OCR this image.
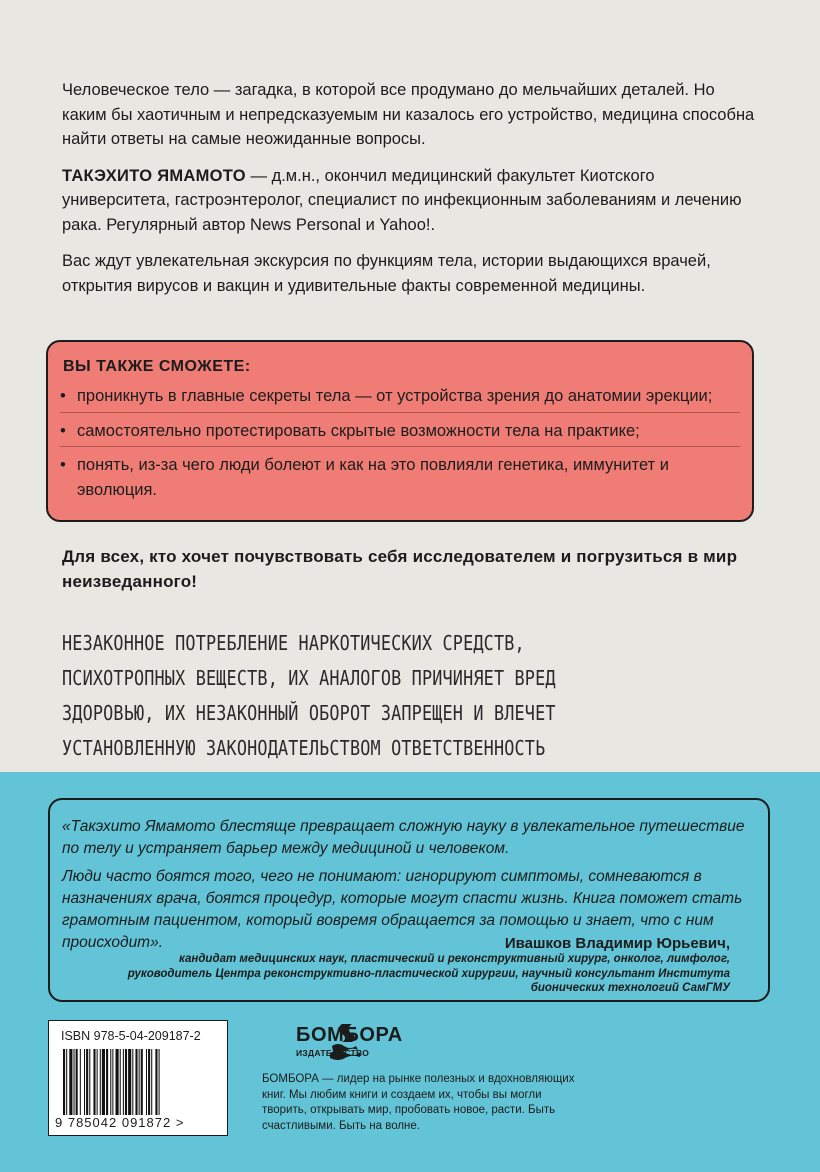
Человеческое тело — загадка, в которой все продумано до мельчайших деталей. Но каким бы хаотичным и непредсказуемым ни казалось его устройство, медицина способна найти ответы на самые неожиданные вопросы.

ТАКЭХИТО ЯМАМОТО — д.м.н., окончил медицинский факультет Киотского университета, гастроэнтеролог, специалист по инфекционным заболеваниям и лечению рака. Регулярный автор News Personal и Yahoo!.

Вас ждут увлекательная экскурсия по функциям тела, истории выдающихся врачей, открытия вирусов и вакцин и удивительные факты современной медицины.

ВЫ ТАКЖЕ СМОЖЕТЕ:
• проникнуть в главные секреты тела — от устройства зрения до анатомии эрекции;
• самостоятельно протестировать скрытые возможности тела на практике;
• понять, из-за чего люди болеют и как на это повлияли генетика, иммунитет и эволюция.
Для всех, кто хочет почувствовать себя исследователем и погрузиться в мир неизведанного!
НЕЗАКОННОЕ ПОТРЕБЛЕНИЕ НАРКОТИЧЕСКИХ СРЕДСТВ, ПСИХОТРОПНЫХ ВЕЩЕСТВ, ИХ АНАЛОГОВ ПРИЧИНЯЕТ ВРЕД ЗДОРОВЬЮ, ИХ НЕЗАКОННЫЙ ОБОРОТ ЗАПРЕЩЕН И ВЛЕЧЕТ УСТАНОВЛЕННУЮ ЗАКОНОДАТЕЛЬСТВОМ ОТВЕТСТВЕННОСТЬ

«Такэхито Ямамото блестяще превращает сложную науку в увлекательное путешествие по телу и устраняет барьер между медициной и человеком.

Люди часто боятся того, чего не понимают: игнорируют симптомы, сомневаются в назначениях врача, боятся процедур, которые могут спасти жизнь. Книга поможет стать грамотным пациентом, который вовремя обращается за помощью и знает, что с ним происходит».	Ивашков Владимир Юрьевич,
кандидат медицинских наук, пластический и реконструктивный хирург, онколог, лимфолог, руководитель Центра реконструктивно-пластической хирургии, научный консультант Института бионических технологий СамГМУ
ISBN 978-5-04-209187-2
9 785042 091872 >
БОМБОРА
ИЗДАТЕЛЬСТВО
БОМБОРА — лидер на рынке полезных и вдохновляющих книг. Мы любим книги и создаем их, чтобы вы могли творить, открывать мир, пробовать новое, расти. Быть счастливыми. Быть на волне.
